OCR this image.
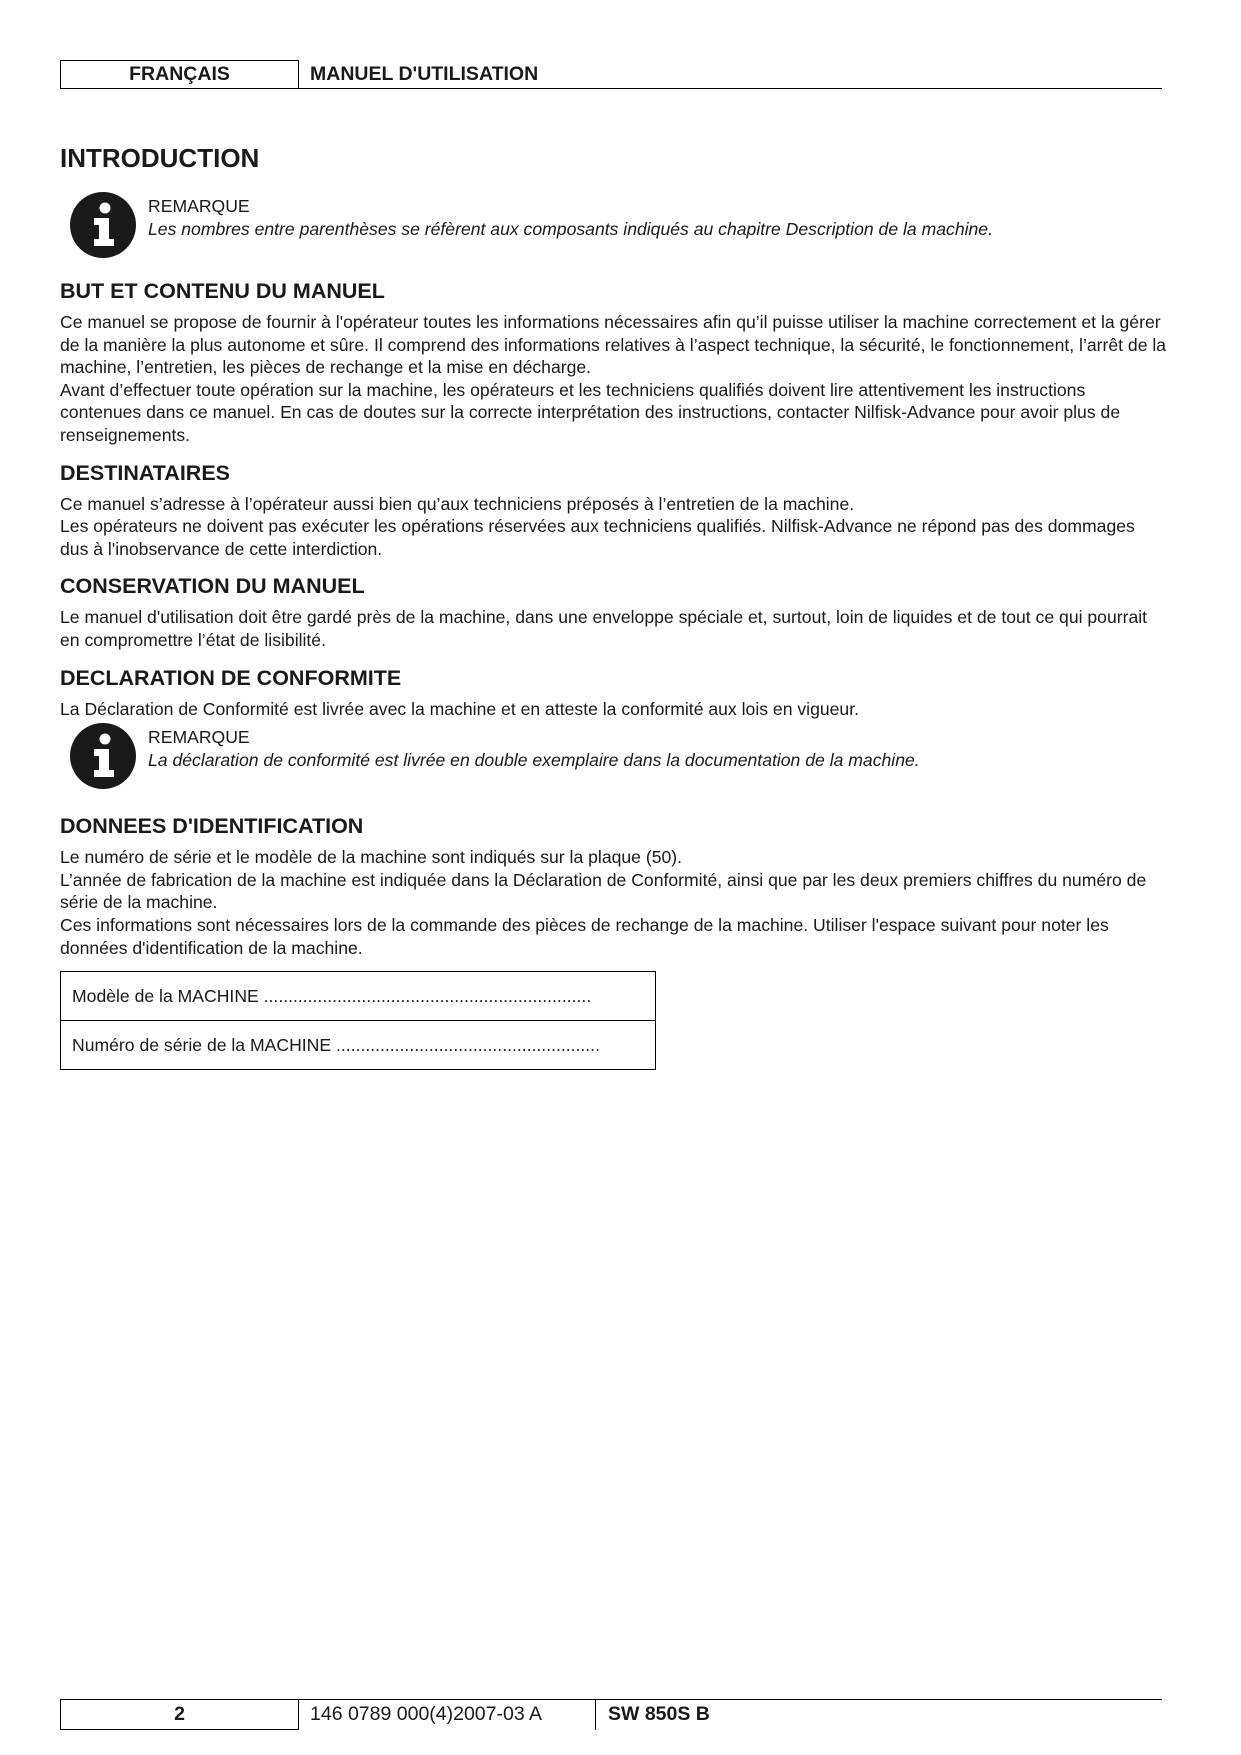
FRANÇAIS	MANUEL D'UTILISATION
INTRODUCTION
REMARQUE
Les nombres entre parenthèses se réfèrent aux composants indiqués au chapitre Description de la machine.
BUT ET CONTENU DU MANUEL

Ce manuel se propose de fournir à l'opérateur toutes les informations nécessaires afin qu’il puisse utiliser la machine correctement et la gérer de la manière la plus autonome et sûre. Il comprend des informations relatives à l’aspect technique, la sécurité, le fonctionnement, l’arrêt de la machine, l’entretien, les pièces de rechange et la mise en décharge.

Avant d’effectuer toute opération sur la machine, les opérateurs et les techniciens qualifiés doivent lire attentivement les instructions contenues dans ce manuel. En cas de doutes sur la correcte interprétation des instructions, contacter Nilfisk-Advance pour avoir plus de renseignements.

DESTINATAIRES

Ce manuel s’adresse à l’opérateur aussi bien qu’aux techniciens préposés à l’entretien de la machine.

Les opérateurs ne doivent pas exécuter les opérations réservées aux techniciens qualifiés. Nilfisk-Advance ne répond pas des dommages dus à l'inobservance de cette interdiction.

CONSERVATION DU MANUEL

Le manuel d'utilisation doit être gardé près de la machine, dans une enveloppe spéciale et, surtout, loin de liquides et de tout ce qui pourrait en compromettre l’état de lisibilité.

DECLARATION DE CONFORMITE

La Déclaration de Conformité est livrée avec la machine et en atteste la conformité aux lois en vigueur.

REMARQUE
La déclaration de conformité est livrée en double exemplaire dans la documentation de la machine.
DONNEES D'IDENTIFICATION

Le numéro de série et le modèle de la machine sont indiqués sur la plaque (50).

L’année de fabrication de la machine est indiquée dans la Déclaration de Conformité, ainsi que par les deux premiers chiffres du numéro de série de la machine.

Ces informations sont nécessaires lors de la commande des pièces de rechange de la machine. Utiliser l'espace suivant pour noter les données d'identification de la machine.

Modèle de la MACHINE ...................................................................
Numéro de série de la MACHINE ......................................................
2	146 0789 000(4)2007-03 A	SW 850S B
